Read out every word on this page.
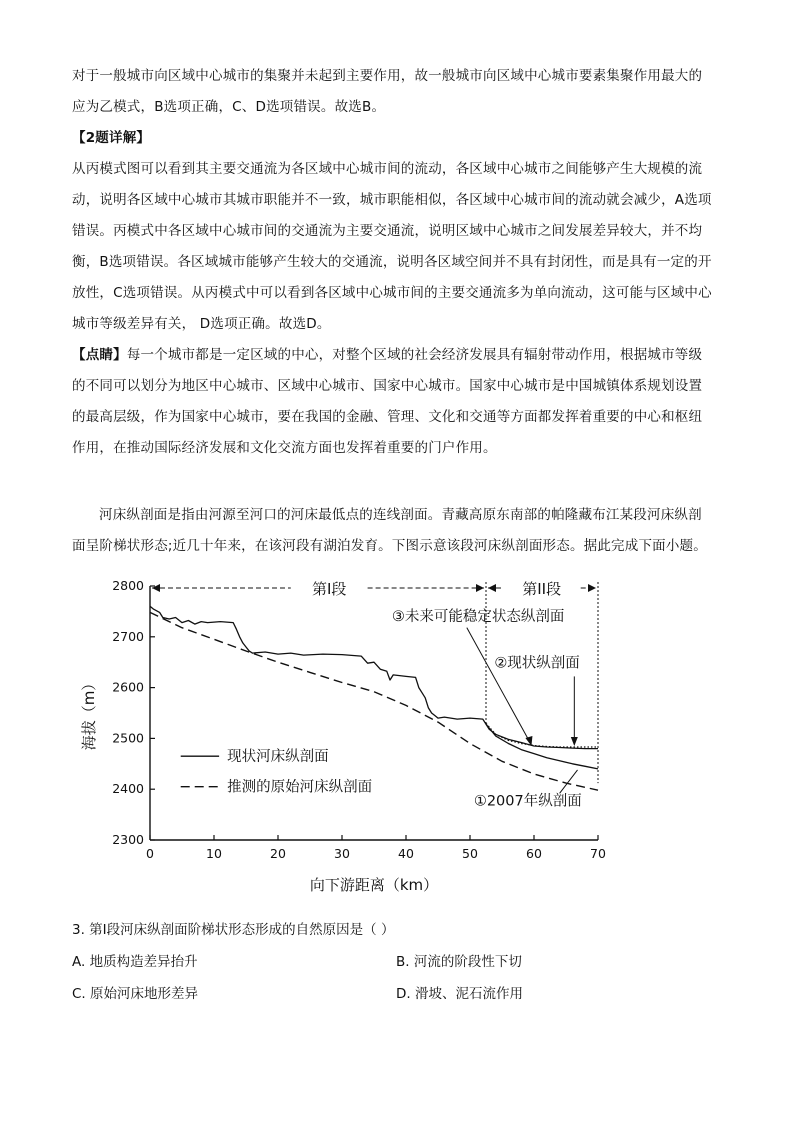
对于一般城市向区域中心城市的集聚并未起到主要作用，故一般城市向区域中心城市要素集聚作用最大的

应为乙模式，B选项正确，C、D选项错误。故选B。

【2题详解】

从丙模式图可以看到其主要交通流为各区域中心城市间的流动，各区域中心城市之间能够产生大规模的流

动，说明各区域中心城市其城市职能并不一致，城市职能相似，各区域中心城市间的流动就会减少，A选项

错误。丙模式中各区域中心城市间的交通流为主要交通流，说明区域中心城市之间发展差异较大，并不均

衡，B选项错误。各区域城市能够产生较大的交通流，说明各区域空间并不具有封闭性，而是具有一定的开

放性，C选项错误。从丙模式中可以看到各区域中心城市间的主要交通流多为单向流动，这可能与区域中心

城市等级差异有关， D选项正确。故选D。

【点睛】每一个城市都是一定区域的中心，对整个区域的社会经济发展具有辐射带动作用，根据城市等级

的不同可以划分为地区中心城市、区域中心城市、国家中心城市。国家中心城市是中国城镇体系规划设置

的最高层级，作为国家中心城市，要在我国的金融、管理、文化和交通等方面都发挥着重要的中心和枢纽

作用，在推动国际经济发展和文化交流方面也发挥着重要的门户作用。

河床纵剖面是指由河源至河口的河床最低点的连线剖面。青藏高原东南部的帕隆藏布江某段河床纵剖

面呈阶梯状形态;近几十年来，在该河段有湖泊发育。下图示意该段河床纵剖面形态。据此完成下面小题。

0	10	20	30	40	50	60	70
2300
2400
2500
2600
2700
2800
向下游距离（km）
海拔（m）
第I段	第II段
③未来可能稳定状态纵剖面
②现状纵剖面
①2007年纵剖面
现状河床纵剖面
推测的原始河床纵剖面
3. 第Ⅰ段河床纵剖面阶梯状形态形成的自然原因是（ ）
A. 地质构造差异抬升	B. 河流的阶段性下切
C. 原始河床地形差异	D. 滑坡、泥石流作用
